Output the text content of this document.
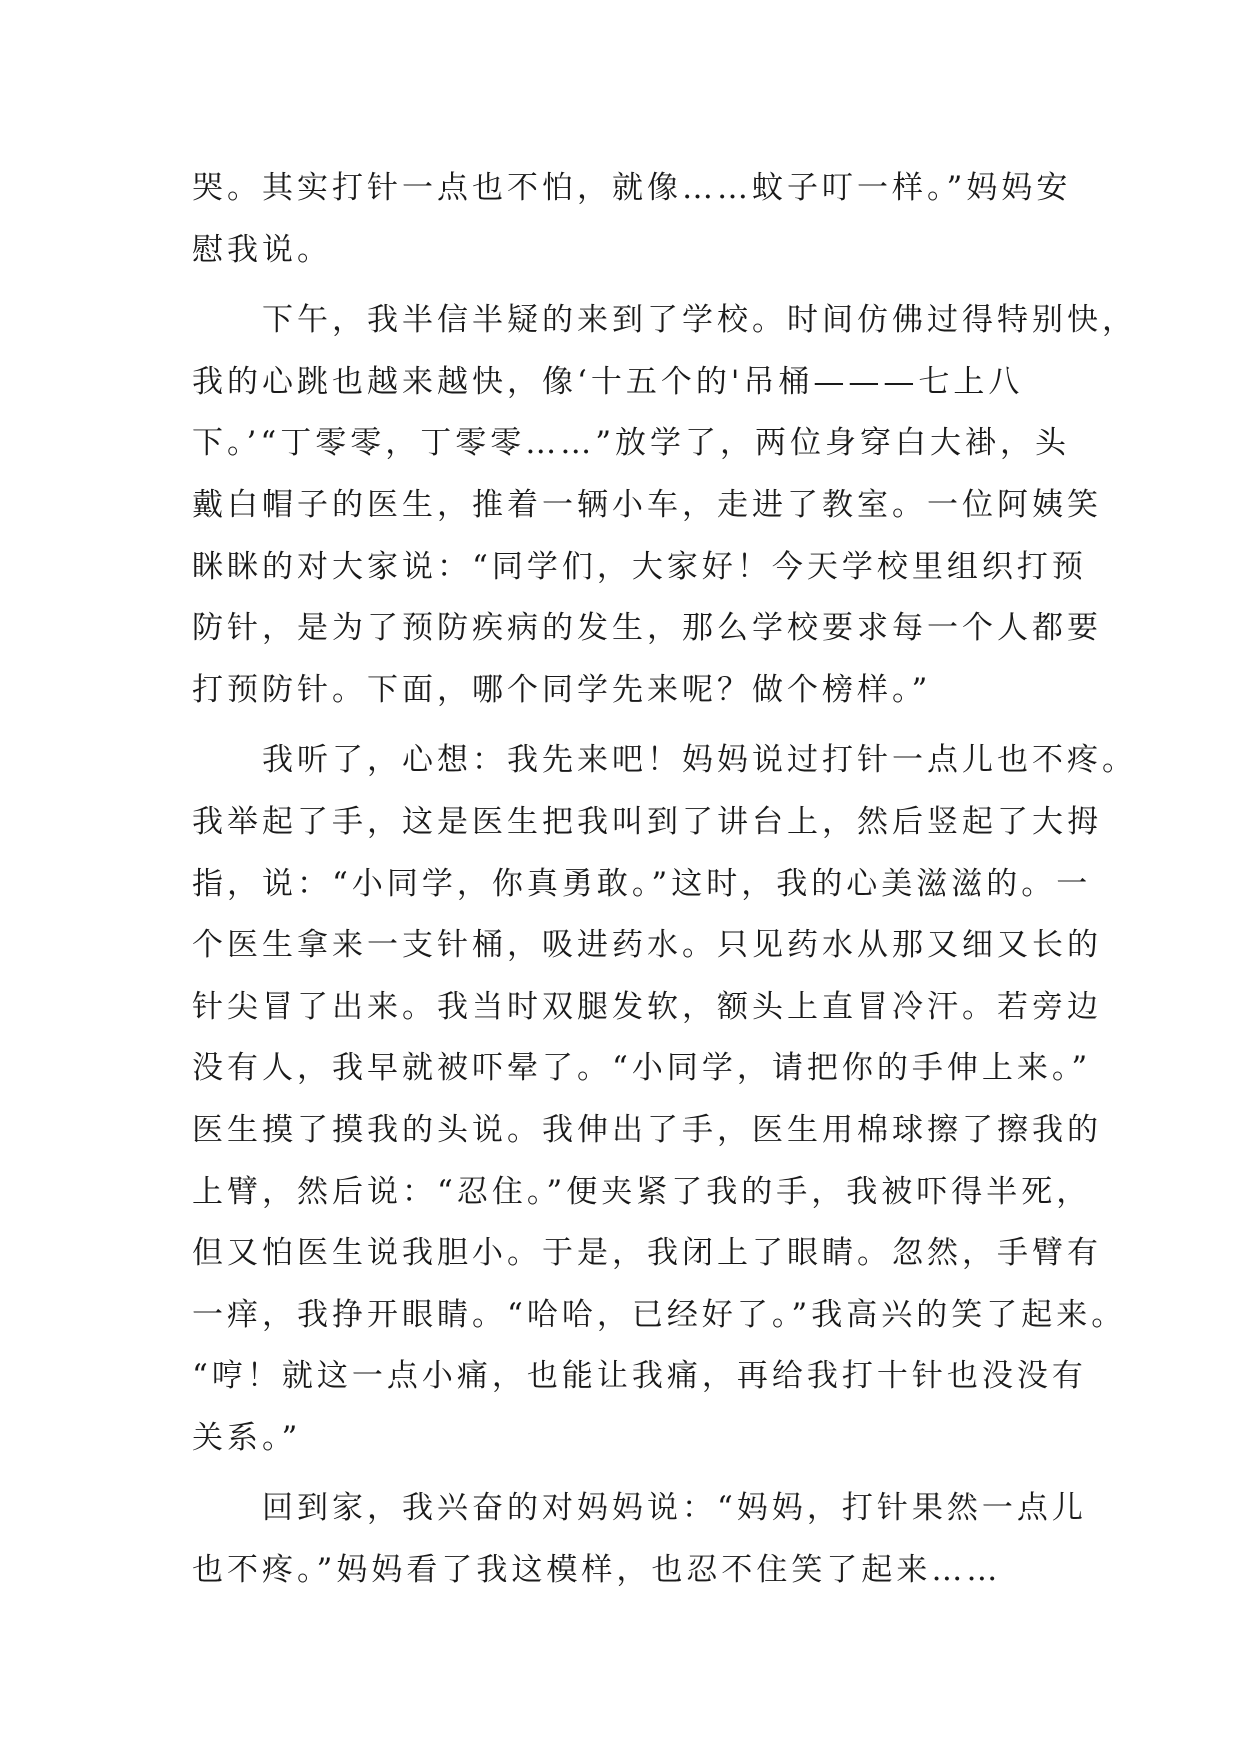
哭。其实打针一点也不怕，就像……蚊子叮一样。”妈妈安
慰我说。
　　下午，我半信半疑的来到了学校。时间仿佛过得特别快，
我的心跳也越来越快，像‘十五个的'吊桶———七上八
下。’“丁零零，丁零零……”放学了，两位身穿白大褂，头
戴白帽子的医生，推着一辆小车，走进了教室。一位阿姨笑
眯眯的对大家说：“同学们，大家好！今天学校里组织打预
防针，是为了预防疾病的发生，那么学校要求每一个人都要
打预防针。下面，哪个同学先来呢？做个榜样。”
　　我听了，心想：我先来吧！妈妈说过打针一点儿也不疼。
我举起了手，这是医生把我叫到了讲台上，然后竖起了大拇
指，说：“小同学，你真勇敢。”这时，我的心美滋滋的。一
个医生拿来一支针桶，吸进药水。只见药水从那又细又长的
针尖冒了出来。我当时双腿发软，额头上直冒冷汗。若旁边
没有人，我早就被吓晕了。“小同学，请把你的手伸上来。”
医生摸了摸我的头说。我伸出了手，医生用棉球擦了擦我的
上臂，然后说：“忍住。”便夹紧了我的手，我被吓得半死，
但又怕医生说我胆小。于是，我闭上了眼睛。忽然，手臂有
一痒，我挣开眼睛。“哈哈，已经好了。”我高兴的笑了起来。
“哼！就这一点小痛，也能让我痛，再给我打十针也没没有
关系。”
　　回到家，我兴奋的对妈妈说：“妈妈，打针果然一点儿
也不疼。”妈妈看了我这模样，也忍不住笑了起来……
